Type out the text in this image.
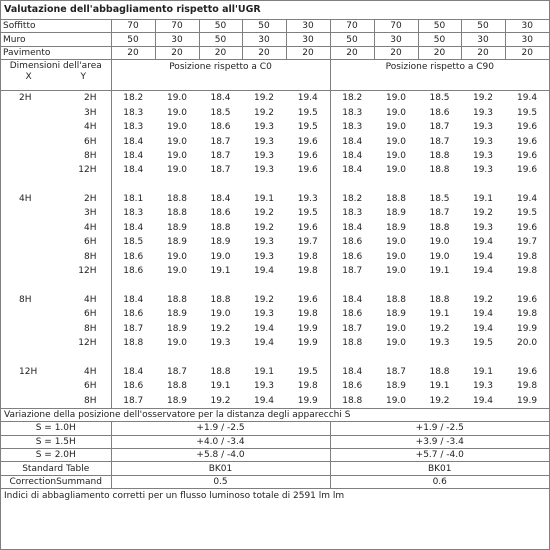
Valutazione dell'abbagliamento rispetto all'UGR
Soffitto	70	70	50	50	30	70	70	50	50	30
Muro	50	30	50	30	30	50	30	50	30	30
Pavimento	20	20	20	20	20	20	20	20	20	20
Dimensioni dell'area
X Y		Posizione rispetto a C0					Posizione rispetto a C90				
2H	2H	18.2	19.0	18.4	19.2	19.4	18.2	19.0	18.5	19.2	19.4
	3H	18.3	19.0	18.5	19.2	19.5	18.3	19.0	18.6	19.3	19.5
	4H	18.3	19.0	18.6	19.3	19.5	18.3	19.0	18.7	19.3	19.6
	6H	18.4	19.0	18.7	19.3	19.6	18.4	19.0	18.7	19.3	19.6
	8H	18.4	19.0	18.7	19.3	19.6	18.4	19.0	18.8	19.3	19.6
	12H	18.4	19.0	18.7	19.3	19.6	18.4	19.0	18.8	19.3	19.6

4H	2H	18.1	18.8	18.4	19.1	19.3	18.2	18.8	18.5	19.1	19.4
	3H	18.3	18.8	18.6	19.2	19.5	18.3	18.9	18.7	19.2	19.5
	4H	18.4	18.9	18.8	19.2	19.6	18.4	18.9	18.8	19.3	19.6
	6H	18.5	18.9	18.9	19.3	19.7	18.6	19.0	19.0	19.4	19.7
	8H	18.6	19.0	19.0	19.3	19.8	18.6	19.0	19.0	19.4	19.8
	12H	18.6	19.0	19.1	19.4	19.8	18.7	19.0	19.1	19.4	19.8

8H	4H	18.4	18.8	18.8	19.2	19.6	18.4	18.8	18.8	19.2	19.6
	6H	18.6	18.9	19.0	19.3	19.8	18.6	18.9	19.1	19.4	19.8
	8H	18.7	18.9	19.2	19.4	19.9	18.7	19.0	19.2	19.4	19.9
	12H	18.8	19.0	19.3	19.4	19.9	18.8	19.0	19.3	19.5	20.0

12H	4H	18.4	18.7	18.8	19.1	19.5	18.4	18.7	18.8	19.1	19.6
	6H	18.6	18.8	19.1	19.3	19.8	18.6	18.9	19.1	19.3	19.8
	8H	18.7	18.9	19.2	19.4	19.9	18.8	19.0	19.2	19.4	19.9
Variazione della posizione dell'osservatore per la distanza degli apparecchi S		
S = 1.0H	+1.9 / -2.5	+1.9 / -2.5
S = 1.5H	+4.0 / -3.4	+3.9 / -3.4
S = 2.0H	+5.8 / -4.0	+5.7 / -4.0
Standard Table	BK01	BK01
CorrectionSummand	0.5	0.6
Indici di abbagliamento corretti per un flusso luminoso totale di 2591 lm lm
